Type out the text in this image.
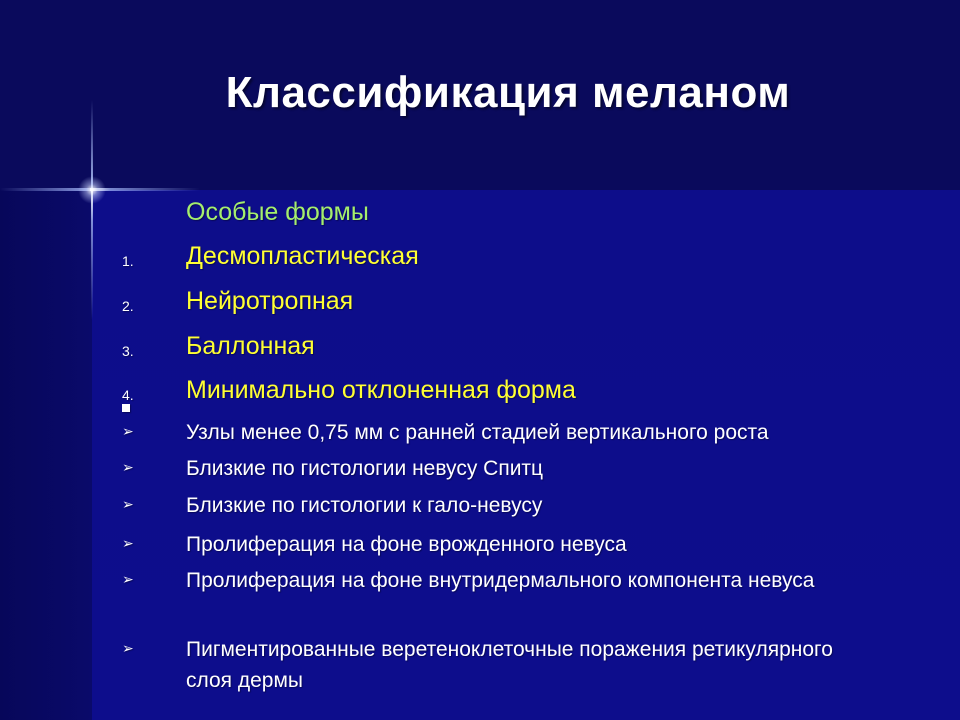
Классификация меланом
Особые формы
1. Десмопластическая
2. Нейротропная
3. Баллонная
4. Минимально отклоненная форма
➢ Узлы менее 0,75 мм с ранней стадией вертикального роста
➢ Близкие по гистологии невусу Спитц
➢ Близкие по гистологии к гало-невусу
➢ Пролиферация на фоне врожденного невуса
➢ Пролиферация на фоне внутридермального компонента невуса
➢ Пигментированные веретеноклеточные поражения ретикулярного слоя дермы
